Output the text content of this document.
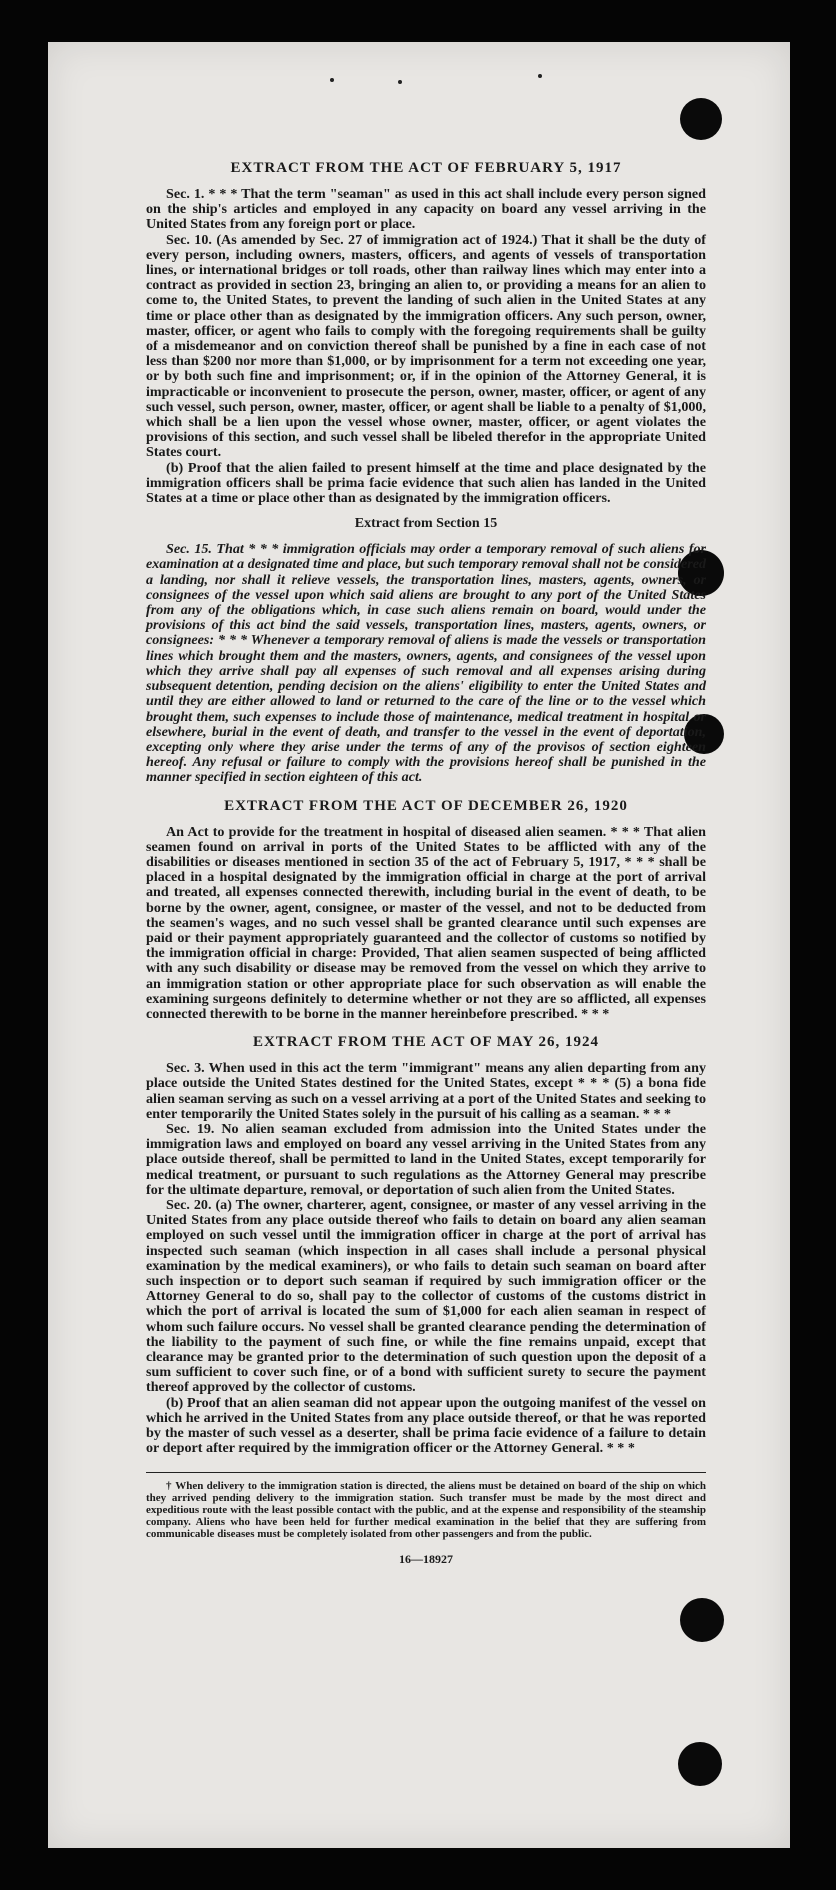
EXTRACT FROM THE ACT OF FEBRUARY 5, 1917

Sec. 1. * * * That the term "seaman" as used in this act shall include every person signed on the ship's articles and employed in any capacity on board any vessel arriving in the United States from any foreign port or place.

Sec. 10. (As amended by Sec. 27 of immigration act of 1924.) That it shall be the duty of every person, including owners, masters, officers, and agents of vessels of transportation lines, or international bridges or toll roads, other than railway lines which may enter into a contract as provided in section 23, bringing an alien to, or providing a means for an alien to come to, the United States, to prevent the landing of such alien in the United States at any time or place other than as designated by the immigration officers. Any such person, owner, master, officer, or agent who fails to comply with the foregoing requirements shall be guilty of a misdemeanor and on conviction thereof shall be punished by a fine in each case of not less than $200 nor more than $1,000, or by imprisonment for a term not exceeding one year, or by both such fine and imprisonment; or, if in the opinion of the Attorney General, it is impracticable or inconvenient to prosecute the person, owner, master, officer, or agent of any such vessel, such person, owner, master, officer, or agent shall be liable to a penalty of $1,000, which shall be a lien upon the vessel whose owner, master, officer, or agent violates the provisions of this section, and such vessel shall be libeled therefor in the appropriate United States court.

(b) Proof that the alien failed to present himself at the time and place designated by the immigration officers shall be prima facie evidence that such alien has landed in the United States at a time or place other than as designated by the immigration officers.

Extract from Section 15

Sec. 15. That * * * immigration officials may order a temporary removal of such aliens for examination at a designated time and place, but such temporary removal shall not be considered a landing, nor shall it relieve vessels, the transportation lines, masters, agents, owners, or consignees of the vessel upon which said aliens are brought to any port of the United States from any of the obligations which, in case such aliens remain on board, would under the provisions of this act bind the said vessels, transportation lines, masters, agents, owners, or consignees: * * * Whenever a temporary removal of aliens is made the vessels or transportation lines which brought them and the masters, owners, agents, and consignees of the vessel upon which they arrive shall pay all expenses of such removal and all expenses arising during subsequent detention, pending decision on the aliens' eligibility to enter the United States and until they are either allowed to land or returned to the care of the line or to the vessel which brought them, such expenses to include those of maintenance, medical treatment in hospital or elsewhere, burial in the event of death, and transfer to the vessel in the event of deportation, excepting only where they arise under the terms of any of the provisos of section eighteen hereof. Any refusal or failure to comply with the provisions hereof shall be punished in the manner specified in section eighteen of this act.

EXTRACT FROM THE ACT OF DECEMBER 26, 1920

An Act to provide for the treatment in hospital of diseased alien seamen. * * * That alien seamen found on arrival in ports of the United States to be afflicted with any of the disabilities or diseases mentioned in section 35 of the act of February 5, 1917, * * * shall be placed in a hospital designated by the immigration official in charge at the port of arrival and treated, all expenses connected therewith, including burial in the event of death, to be borne by the owner, agent, consignee, or master of the vessel, and not to be deducted from the seamen's wages, and no such vessel shall be granted clearance until such expenses are paid or their payment appropriately guaranteed and the collector of customs so notified by the immigration official in charge: Provided, That alien seamen suspected of being afflicted with any such disability or disease may be removed from the vessel on which they arrive to an immigration station or other appropriate place for such observation as will enable the examining surgeons definitely to determine whether or not they are so afflicted, all expenses connected therewith to be borne in the manner hereinbefore prescribed. * * *

EXTRACT FROM THE ACT OF MAY 26, 1924

Sec. 3. When used in this act the term "immigrant" means any alien departing from any place outside the United States destined for the United States, except * * * (5) a bona fide alien seaman serving as such on a vessel arriving at a port of the United States and seeking to enter temporarily the United States solely in the pursuit of his calling as a seaman. * * *

Sec. 19. No alien seaman excluded from admission into the United States under the immigration laws and employed on board any vessel arriving in the United States from any place outside thereof, shall be permitted to land in the United States, except temporarily for medical treatment, or pursuant to such regulations as the Attorney General may prescribe for the ultimate departure, removal, or deportation of such alien from the United States.

Sec. 20. (a) The owner, charterer, agent, consignee, or master of any vessel arriving in the United States from any place outside thereof who fails to detain on board any alien seaman employed on such vessel until the immigration officer in charge at the port of arrival has inspected such seaman (which inspection in all cases shall include a personal physical examination by the medical examiners), or who fails to detain such seaman on board after such inspection or to deport such seaman if required by such immigration officer or the Attorney General to do so, shall pay to the collector of customs of the customs district in which the port of arrival is located the sum of $1,000 for each alien seaman in respect of whom such failure occurs. No vessel shall be granted clearance pending the determination of the liability to the payment of such fine, or while the fine remains unpaid, except that clearance may be granted prior to the determination of such question upon the deposit of a sum sufficient to cover such fine, or of a bond with sufficient surety to secure the payment thereof approved by the collector of customs.

(b) Proof that an alien seaman did not appear upon the outgoing manifest of the vessel on which he arrived in the United States from any place outside thereof, or that he was reported by the master of such vessel as a deserter, shall be prima facie evidence of a failure to detain or deport after required by the immigration officer or the Attorney General. * * *

† When delivery to the immigration station is directed, the aliens must be detained on board of the ship on which they arrived pending delivery to the immigration station. Such transfer must be made by the most direct and expeditious route with the least possible contact with the public, and at the expense and responsibility of the steamship company. Aliens who have been held for further medical examination in the belief that they are suffering from communicable diseases must be completely isolated from other passengers and from the public.

16—18927
